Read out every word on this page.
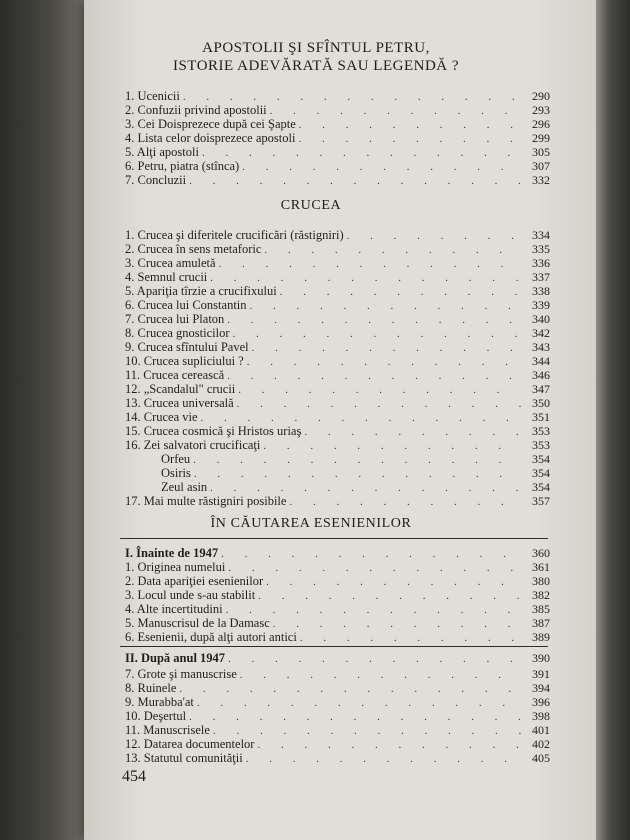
APOSTOLII ŞI SFÎNTUL PETRU,
ISTORIE ADEVĂRATĂ SAU LEGENDĂ ?
1. Ucenicii . . .	290
2. Confuzii privind apostolii . . .	293
3. Cei Doisprezece după cei Şapte . . .	296
4. Lista celor doisprezece apostoli . . .	299
5. Alţi apostoli . . .	305
6. Petru, piatra (stînca) . . .	307
7. Concluzii . . .	332
CRUCEA
1. Crucea şi diferitele crucificări (răstigniri) . . .	334
2. Crucea în sens metaforic . . .	335
3. Crucea amuletă . . .	336
4. Semnul crucii . . .	337
5. Apariţia tîrzie a crucifixului . . .	338
6. Crucea lui Constantin . . .	339
7. Crucea lui Platon . . .	340
8. Crucea gnosticilor . . .	342
9. Crucea sfîntului Pavel . . .	343
10. Crucea supliciului ? . . .	344
11. Crucea cerească . . .	346
12. „Scandalul" crucii . . .	347
13. Crucea universală . . .	350
14. Crucea vie . . .	351
15. Crucea cosmică şi Hristos uriaş . . .	353
16. Zei salvatori crucificaţi . . .	353
Orfeu . . .	354
Osiris . . .	354
Zeul asin . . .	354
17. Mai multe răstigniri posibile . . .	357
ÎN CĂUTAREA ESENIENILOR
I. Înainte de 1947 . . .	360
1. Originea numelui . . .	361
2. Data apariţiei esenienilor . . .	380
3. Locul unde s-au stabilit . . .	382
4. Alte incertitudini . . .	385
5. Manuscrisul de la Damasc . . .	387
6. Esenienii, după alţi autori antici . . .	389
II. După anul 1947 . . .	390
7. Grote şi manuscrise . . .	391
8. Ruinele . . .	394
9. Murabba'at . . .	396
10. Deşertul . . .	398
11. Manuscrisele . . .	401
12. Datarea documentelor . . .	402
13. Statutul comunităţii . . .	405
454
